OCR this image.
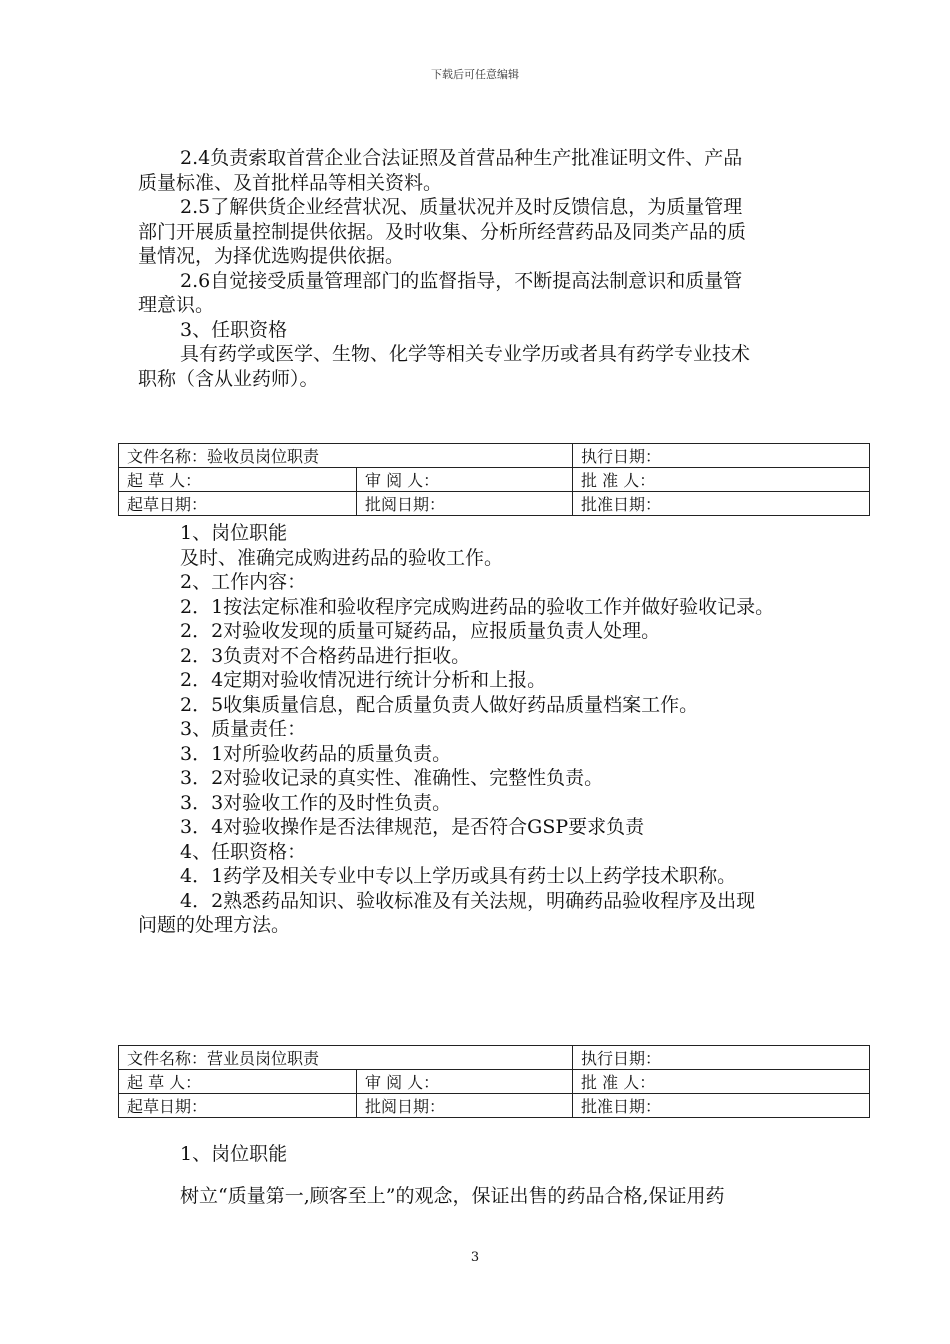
下载后可任意编辑
2.4负责索取首营企业合法证照及首营品种生产批准证明文件、产品
质量标准、及首批样品等相关资料。
2.5了解供货企业经营状况、质量状况并及时反馈信息，为质量管理
部门开展质量控制提供依据。及时收集、分析所经营药品及同类产品的质
量情况，为择优选购提供依据。
2.6自觉接受质量管理部门的监督指导，不断提高法制意识和质量管
理意识。
3、任职资格
具有药学或医学、生物、化学等相关专业学历或者具有药学专业技术
职称（含从业药师）。
文件名称：验收员岗位职责		执行日期：
起 草 人：	审 阅 人：	批 准 人：
起草日期：	批阅日期：	批准日期：
1、岗位职能
及时、准确完成购进药品的验收工作。
2、工作内容：
2．1按法定标准和验收程序完成购进药品的验收工作并做好验收记录。
2．2对验收发现的质量可疑药品，应报质量负责人处理。
2．3负责对不合格药品进行拒收。
2．4定期对验收情况进行统计分析和上报。
2．5收集质量信息，配合质量负责人做好药品质量档案工作。
3、质量责任：
3．1对所验收药品的质量负责。
3．2对验收记录的真实性、准确性、完整性负责。
3．3对验收工作的及时性负责。
3．4对验收操作是否法律规范，是否符合GSP要求负责
4、任职资格：
4．1药学及相关专业中专以上学历或具有药士以上药学技术职称。
4．2熟悉药品知识、验收标准及有关法规，明确药品验收程序及出现
问题的处理方法。
文件名称：营业员岗位职责		执行日期：
起 草 人：	审 阅 人：	批 准 人：
起草日期：	批阅日期：	批准日期：
1、岗位职能
树立“质量第一,顾客至上”的观念，保证出售的药品合格,保证用药
3
